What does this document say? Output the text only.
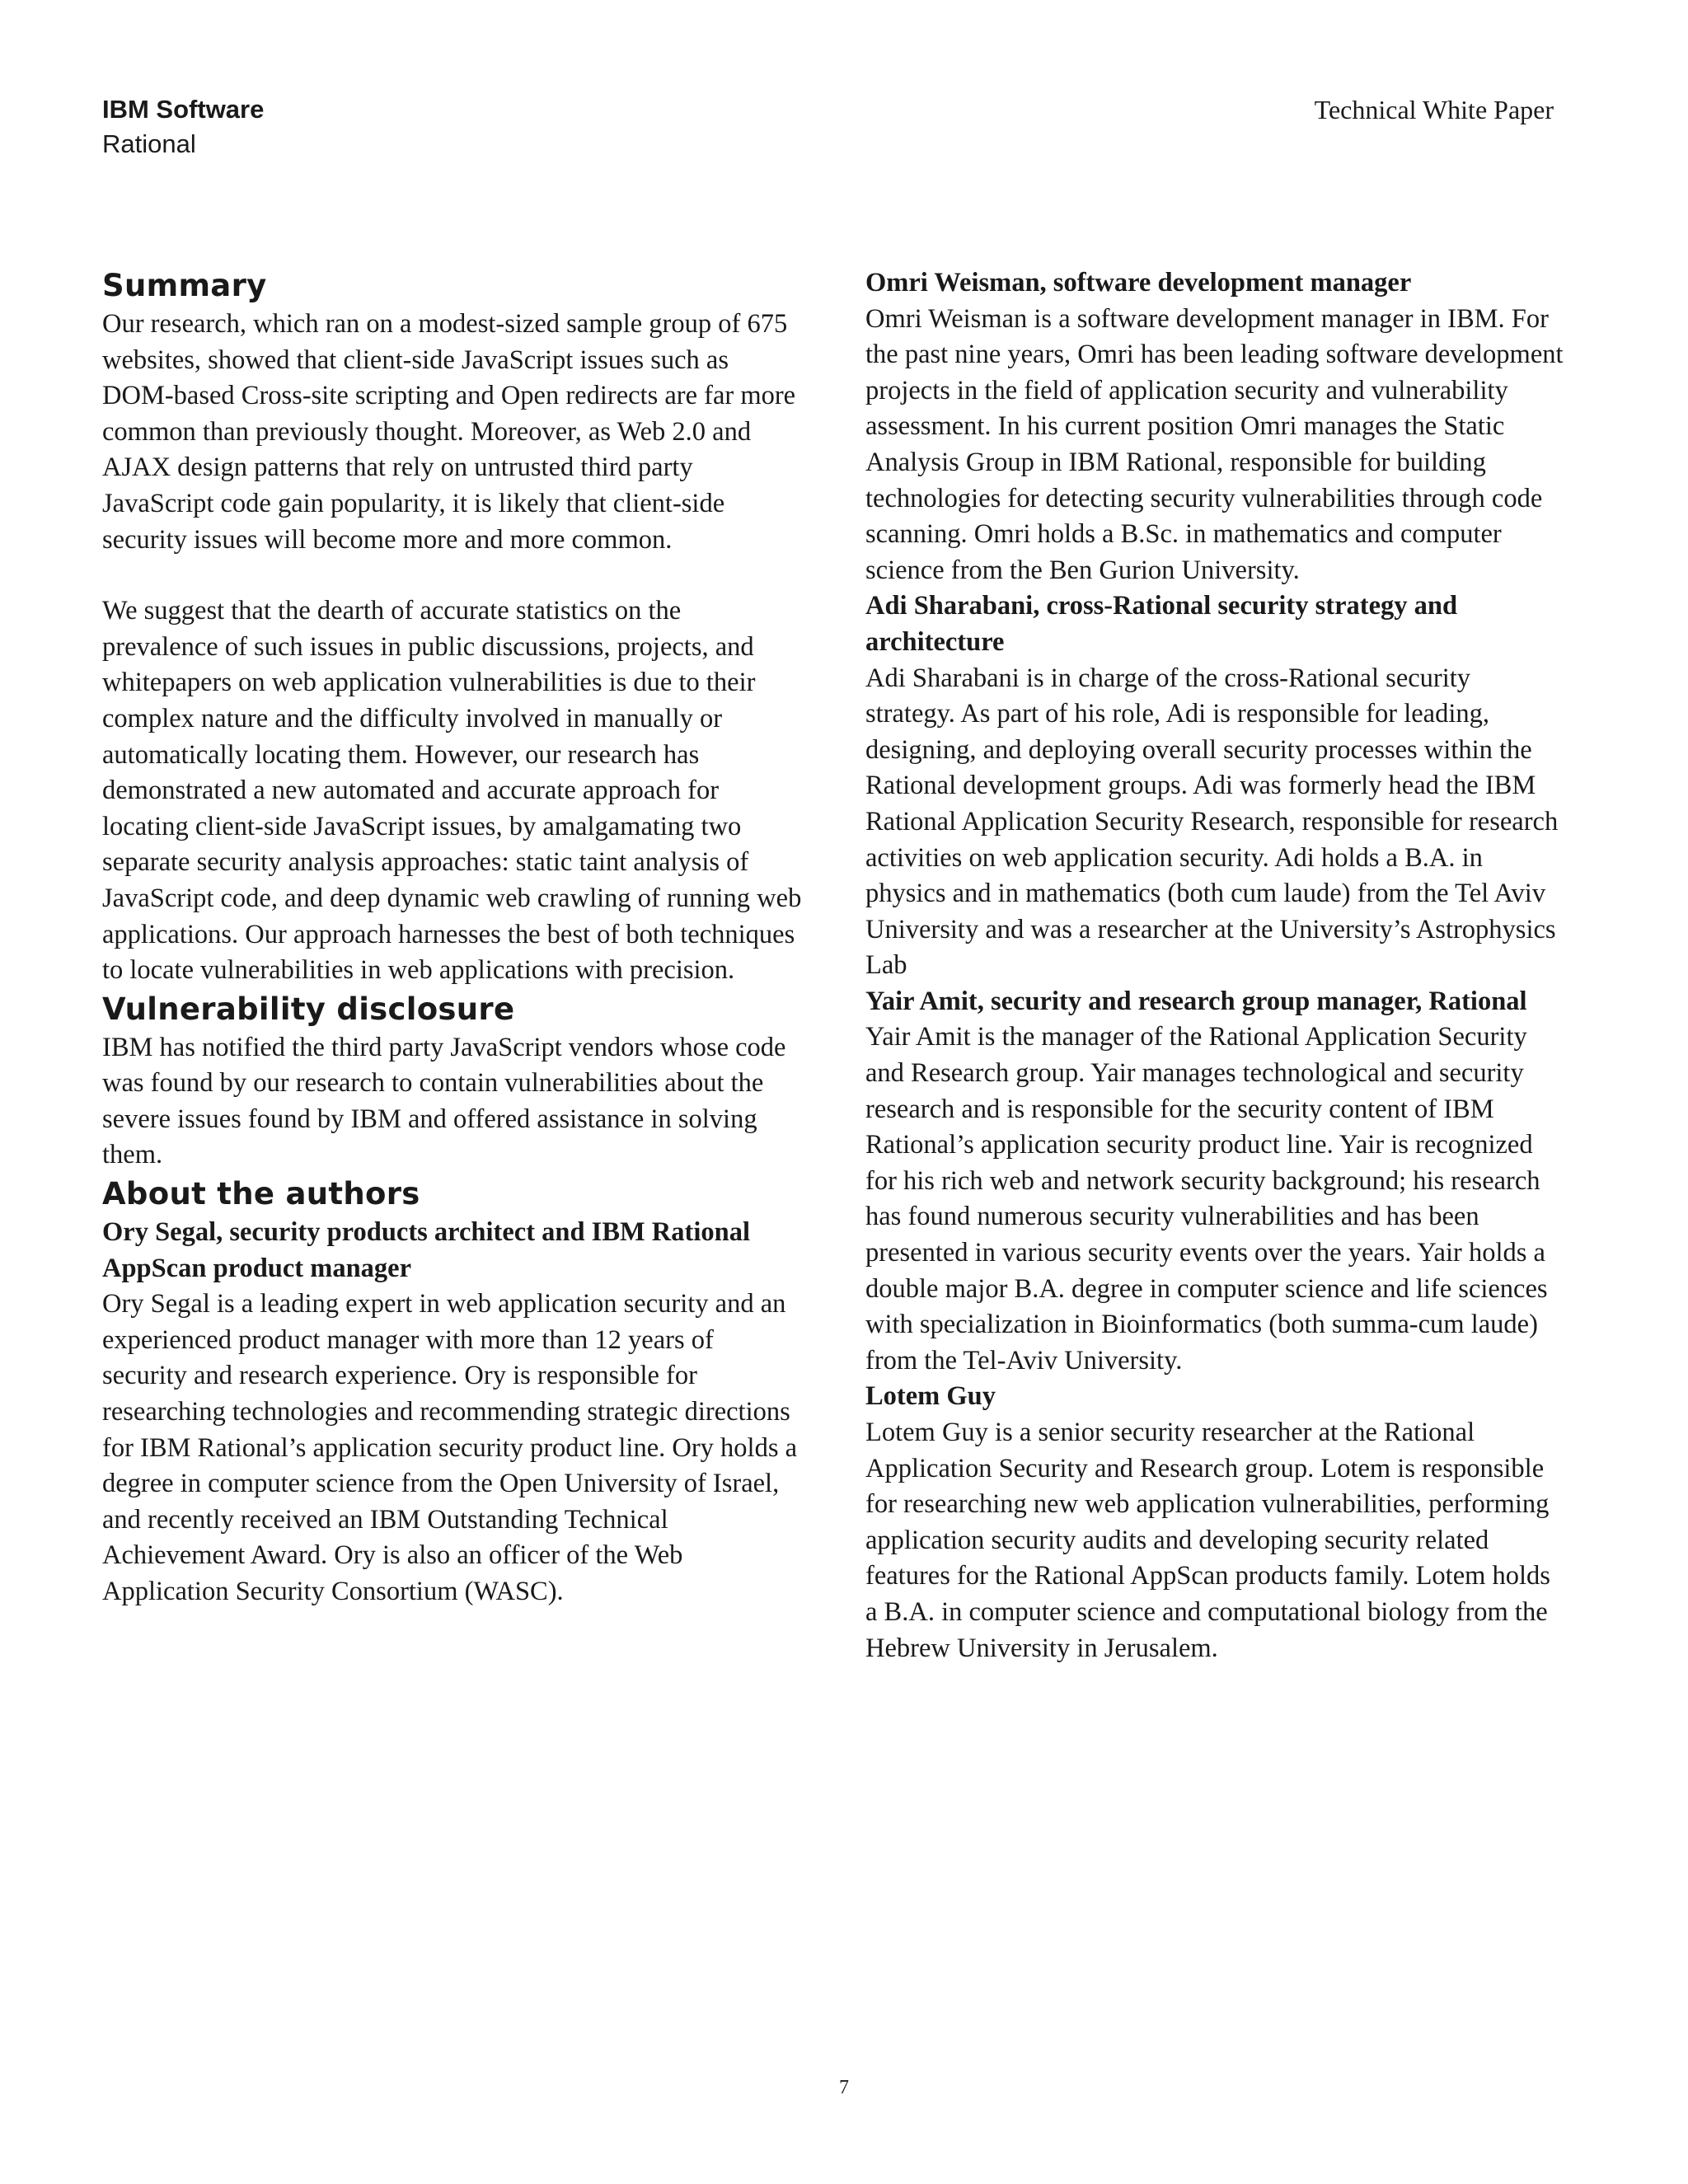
IBM Software
Rational
Technical White Paper
Summary

Our research, which ran on a modest-sized sample group of 675 websites, showed that client-side JavaScript issues such as DOM-based Cross-site scripting and Open redirects are far more common than previously thought. Moreover, as Web 2.0 and AJAX design patterns that rely on untrusted third party JavaScript code gain popularity, it is likely that client-side security issues will become more and more common.

We suggest that the dearth of accurate statistics on the prevalence of such issues in public discussions, projects, and whitepapers on web application vulnerabilities is due to their complex nature and the difficulty involved in manually or automatically locating them. However, our research has demonstrated a new automated and accurate approach for locating client-side JavaScript issues, by amalgamating two separate security analysis approaches: static taint analysis of JavaScript code, and deep dynamic web crawling of running web applications. Our approach harnesses the best of both techniques to locate vulnerabilities in web applications with precision.

Vulnerability disclosure

IBM has notified the third party JavaScript vendors whose code was found by our research to contain vulnerabilities about the severe issues found by IBM and offered assistance in solving them.

About the authors

Ory Segal, security products architect and IBM Rational AppScan product manager

Ory Segal is a leading expert in web application security and an experienced product manager with more than 12 years of security and research experience. Ory is responsible for researching technologies and recommending strategic directions for IBM Rational’s application security product line. Ory holds a degree in computer science from the Open University of Israel, and recently received an IBM Outstanding Technical Achievement Award. Ory is also an officer of the Web Application Security Consortium (WASC).

Omri Weisman, software development manager

Omri Weisman is a software development manager in IBM. For the past nine years, Omri has been leading software development projects in the field of application security and vulnerability assessment. In his current position Omri manages the Static Analysis Group in IBM Rational, responsible for building technologies for detecting security vulnerabilities through code scanning. Omri holds a B.Sc. in mathematics and computer science from the Ben Gurion University.

Adi Sharabani, cross-Rational security strategy and architecture

Adi Sharabani is in charge of the cross-Rational security strategy. As part of his role, Adi is responsible for leading, designing, and deploying overall security processes within the Rational development groups. Adi was formerly head the IBM Rational Application Security Research, responsible for research activities on web application security. Adi holds a B.A. in physics and in mathematics (both cum laude) from the Tel Aviv University and was a researcher at the University’s Astrophysics Lab

Yair Amit, security and research group manager, Rational

Yair Amit is the manager of the Rational Application Security and Research group. Yair manages technological and security research and is responsible for the security content of IBM Rational’s application security product line. Yair is recognized for his rich web and network security background; his research has found numerous security vulnerabilities and has been presented in various security events over the years. Yair holds a double major B.A. degree in computer science and life sciences with specialization in Bioinformatics (both summa-cum laude) from the Tel-Aviv University.

Lotem Guy

Lotem Guy is a senior security researcher at the Rational Application Security and Research group. Lotem is responsible for researching new web application vulnerabilities, performing application security audits and developing security related features for the Rational AppScan products family. Lotem holds a B.A. in computer science and computational biology from the Hebrew University in Jerusalem.

7
